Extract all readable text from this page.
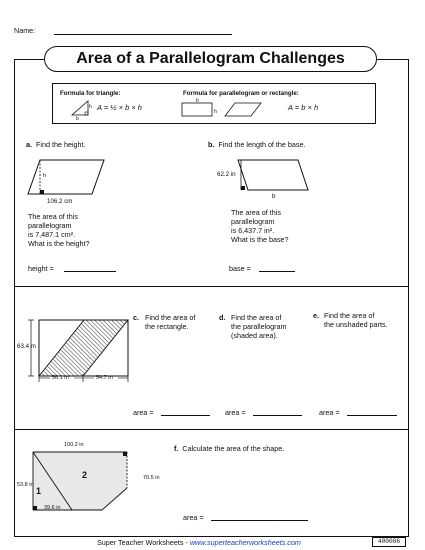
Name:
Area of a Parallelogram Challenges
Formula for triangle:	Formula for parallelogram or rectangle:
b
h A = ½ × b × h
b
h	A = b × h
a. Find the height.
h
106.2 cm
The area of this
parallelogram
is 7,487.1 cm².
What is the height?
height =
b. Find the length of the base.
62.2 in
b
The area of this
parallelogram
is 6,437.7 in².
What is the base?
base =
63.4 m
56.1 m	54.7 m
c. Find the area of
the rectangle.
d. Find the area of
the parallelogram
(shaded area).
e. Find the area of
the unshaded parts.
area =	area =	area =
100.2 in
70.5 in
53.8 in
39.6 in
1
2
f. Calculate the area of the shape.
area =
Super Teacher Worksheets - www.superteacherworksheets.com	400006
